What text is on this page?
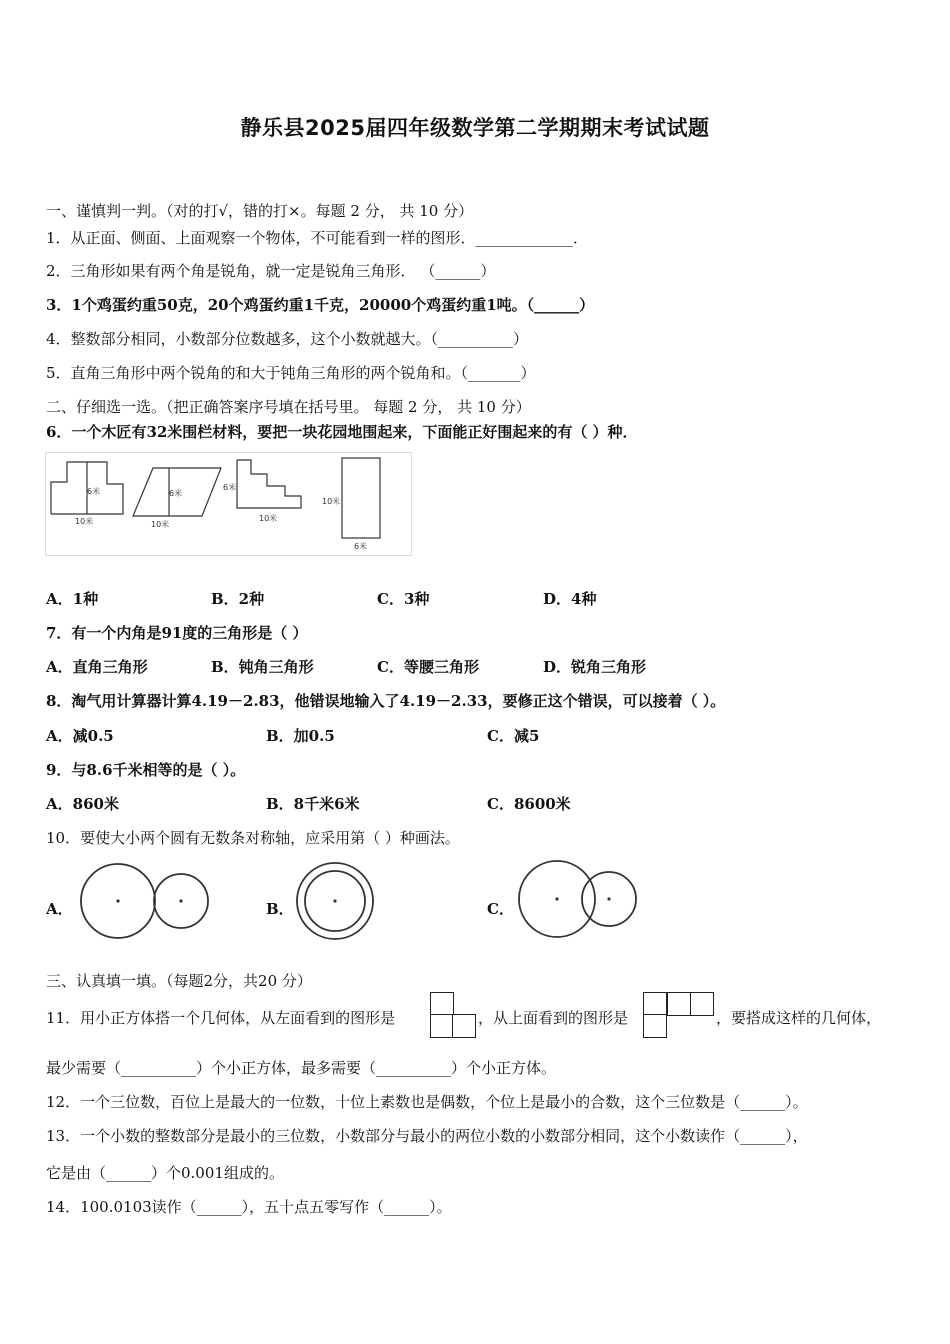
静乐县2025届四年级数学第二学期期末考试试题
一、谨慎判一判。（对的打√，错的打×。每题 2 分， 共 10 分）
1．从正面、侧面、上面观察一个物体，不可能看到一样的图形．_____________．
2．三角形如果有两个角是锐角，就一定是锐角三角形． （______）
3．1个鸡蛋约重50克，20个鸡蛋约重1千克，20000个鸡蛋约重1吨。（______）
4．整数部分相同，小数部分位数越多，这个小数就越大。（__________）
5．直角三角形中两个锐角的和大于钝角三角形的两个锐角和。（_______）
二、仔细选一选。（把正确答案序号填在括号里。 每题 2 分， 共 10 分）
6．一个木匠有32米围栏材料，要把一块花园地围起来，下面能正好围起来的有（ ）种．
6米
10米
6米
10米
6米
10米
10米
6米
A．1种	B．2种	C．3种	D．4种
7．有一个内角是91度的三角形是（ ）
A．直角三角形	B．钝角三角形	C．等腰三角形	D．锐角三角形
8．淘气用计算器计算4.19－2.83，他错误地输入了4.19－2.33，要修正这个错误，可以接着（ ）。
A．减0.5	B．加0.5	C．减5
9．与8.6千米相等的是（ ）。
A．860米	B．8千米6米	C．8600米
10．要使大小两个圆有无数条对称轴，应采用第（ ）种画法。
A．	B．	C．
三、认真填一填。（每题2分，共20 分）
11．用小正方体搭一个几何体，从左面看到的图形是	，从上面看到的图形是	，要搭成这样的几何体，
最少需要（__________）个小正方体，最多需要（__________）个小正方体。
12．一个三位数，百位上是最大的一位数，十位上素数也是偶数，个位上是最小的合数，这个三位数是（______）。
13．一个小数的整数部分是最小的三位数，小数部分与最小的两位小数的小数部分相同，这个小数读作（______），
它是由（______）个0.001组成的。
14．100.0103读作（______），五十点五零写作（______）。
